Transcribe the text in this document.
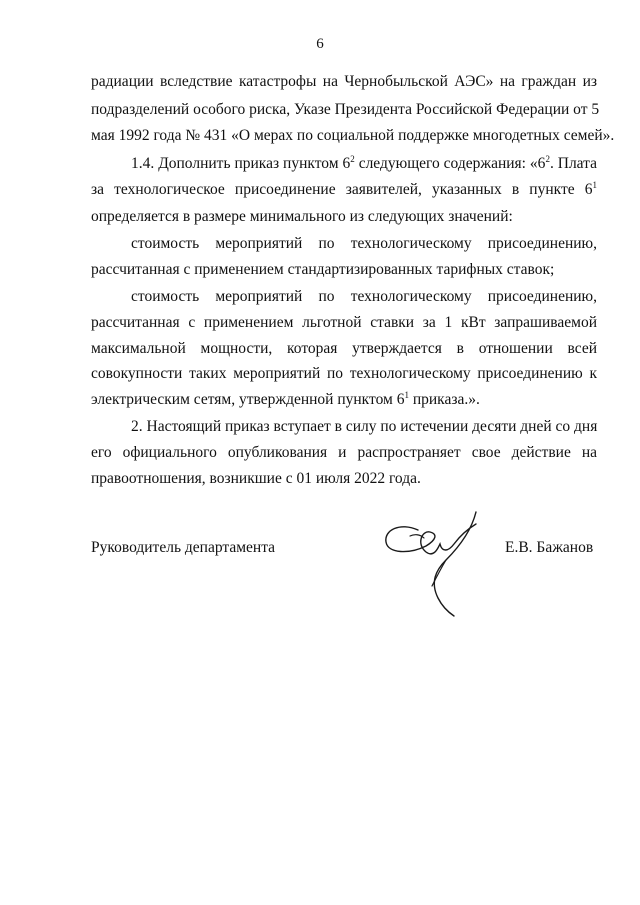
6
радиации вследствие катастрофы на Чернобыльской АЭС» на граждан из
подразделений особого риска, Указе Президента Российской Федерации от 5
мая 1992 года № 431 «О мерах по социальной поддержке многодетных семей».
1.4. Дополнить приказ пунктом $6^2$ следующего содержания: «$6^2$. Плата
за технологическое присоединение заявителей, указанных в пункте $6^1$
определяется в размере минимального из следующих значений:
стоимость мероприятий по технологическому присоединению,
рассчитанная с применением стандартизированных тарифных ставок;
стоимость мероприятий по технологическому присоединению,
рассчитанная с применением льготной ставки за 1 кВт запрашиваемой
максимальной мощности, которая утверждается в отношении всей
совокупности таких мероприятий по технологическому присоединению к
электрическим сетям, утвержденной пунктом $6^1$ приказа.».
2. Настоящий приказ вступает в силу по истечении десяти дней со дня
его официального опубликования и распространяет свое действие на
правоотношения, возникшие с 01 июля 2022 года.
Руководитель департамента	Е.В. Бажанов
